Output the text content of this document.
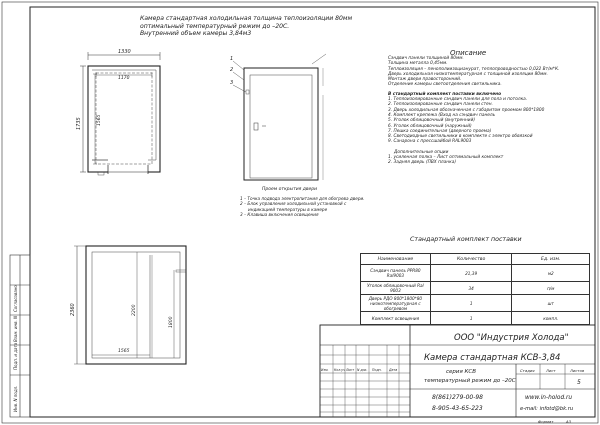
Инв. N подл.
Подп. и дата
Взам. инв. N
Согласовано
1330
1170
1735	1565
1
2
3
Проем открытия двери
2360	2200
1800
1565
Изм. Кол.уч Лист N док. Подп.	Дата
ООО "Индустрия Холода"
Камера стандартная КСВ-3,84
серия КСВ
температурный режим до –20С
Стадия	Лист	Листов
5
8(861)279-00-98
8-905-43-65-223
www.in-holod.ru
e-mail: infotd@bk.ru
Формат	А3
Камера стандартная холодильная толщина теплоизоляции 80мм
оптимальный температурный режим до –20С.
Внутренний объем камеры 3,84м3
1 – Точка подвода электропитания для обогрева двери.
2 – Блок управления холодильной установкой с
индикацией температуры в камере
3 – Клавиша включения освещения
Описание
Сэндвич панели толщиной 80мм.
Толщина металла 0,45мм.
Теплоизоляция – пенополиизоцианурат, теплопроводностью 0,022 Вт/м*К.
Дверь холодильная низкотемпературная с толщиной изоляции 80мм.
Монтаж двери правосторонний.
Отделение камеры светоотделения светильника.
В стандартный комплект поставки включено
1. Теплоизолированные сэндвич панели для пола и потолка.
2. Теплоизолированные сэндвич панели стен.
3. Дверь холодильная обозначенная с габаритом проемом 800*1800
4. Комплект крепежа (Вход на сэндвич панель
5. Уголок облицовочный (внутренний)
6. Уголок облицовочный (наружный)
7. Пешка соединительная (дверного проема)
8. Светодиодные светильники в комплекте с электро обвязкой
9. Санарона с прессшайбой RAL9003
Дополнительные опции
1. усиленная полка – Лист оптимальный комплект
2. Задняя дверь (ПВХ планка)
Стандартный комплект поставки
Наименование	Количество	Ед. изм.
Сэндвич панель PPR80 Ral9003	21,39	м2
Уголок облицовочный Ral 9003	34	п/м
Дверь РДО 800*1800*80 низкотемпературная с обогревом	1	шт
Комплект освещения	1	компл.
